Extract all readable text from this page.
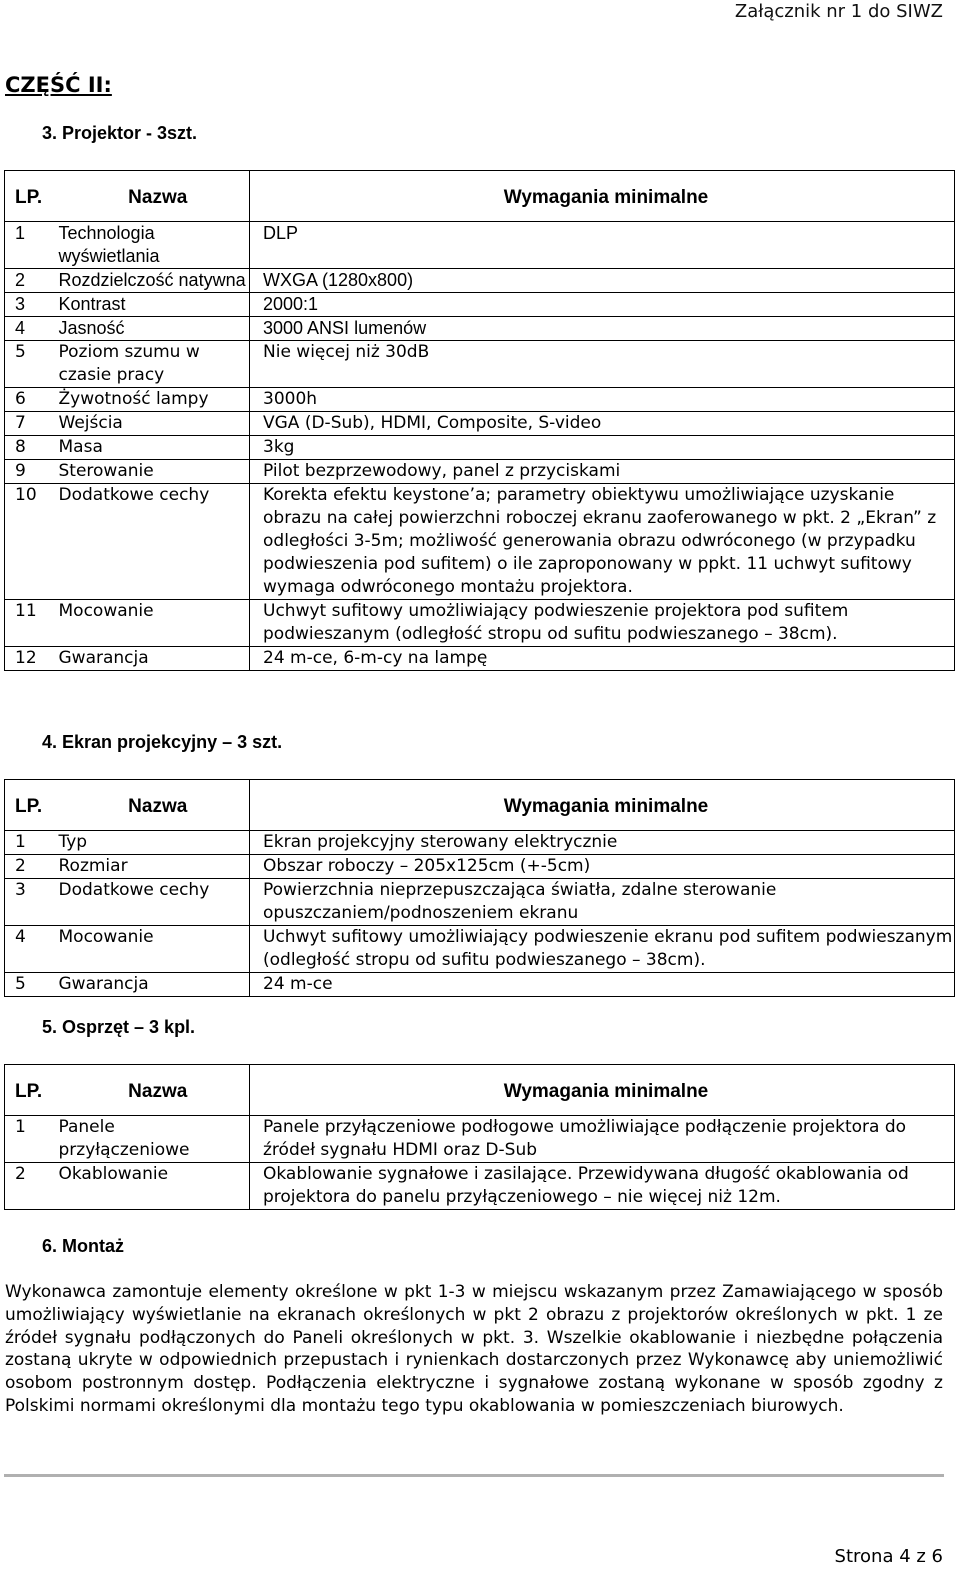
Załącznik nr 1 do SIWZ
CZĘŚĆ II:
3. Projektor - 3szt.
LP.	Nazwa	Wymagania minimalne
1	Technologia wyświetlania	DLP
2	Rozdzielczość natywna	WXGA (1280x800)
3	Kontrast	2000:1
4	Jasność	3000 ANSI lumenów
5	Poziom szumu w czasie pracy	Nie więcej niż 30dB
6	Żywotność lampy	3000h
7	Wejścia	VGA (D-Sub), HDMI, Composite, S-video
8	Masa	3kg
9	Sterowanie	Pilot bezprzewodowy, panel z przyciskami
10	Dodatkowe cechy	Korekta efektu keystone’a; parametry obiektywu umożliwiające uzyskanie obrazu na całej powierzchni roboczej ekranu zaoferowanego w pkt. 2 „Ekran” z odległości 3-5m; możliwość generowania obrazu odwróconego (w przypadku podwieszenia pod sufitem) o ile zaproponowany w ppkt. 11 uchwyt sufitowy wymaga odwróconego montażu projektora.
11	Mocowanie	Uchwyt sufitowy umożliwiający podwieszenie projektora pod sufitem podwieszanym (odległość stropu od sufitu podwieszanego – 38cm).
12	Gwarancja	24 m-ce, 6-m-cy na lampę
4. Ekran projekcyjny – 3 szt.
LP.	Nazwa	Wymagania minimalne
1	Typ	Ekran projekcyjny sterowany elektrycznie
2	Rozmiar	Obszar roboczy – 205x125cm (+-5cm)
3	Dodatkowe cechy	Powierzchnia nieprzepuszczająca światła, zdalne sterowanie opuszczaniem/podnoszeniem ekranu
4	Mocowanie	Uchwyt sufitowy umożliwiający podwieszenie ekranu pod sufitem podwieszanym (odległość stropu od sufitu podwieszanego – 38cm).
5	Gwarancja	24 m-ce
5. Osprzęt – 3 kpl.
LP.	Nazwa	Wymagania minimalne
1	Panele przyłączeniowe	Panele przyłączeniowe podłogowe umożliwiające podłączenie projektora do źródeł sygnału HDMI oraz D-Sub
2	Okablowanie	Okablowanie sygnałowe i zasilające. Przewidywana długość okablowania od projektora do panelu przyłączeniowego – nie więcej niż 12m.
6. Montaż
Wykonawca zamontuje elementy określone w pkt 1-3 w miejscu wskazanym przez Zamawiającego w sposób umożliwiający wyświetlanie na ekranach określonych w pkt 2 obrazu z projektorów określonych w pkt. 1 ze źródeł sygnału podłączonych do Paneli określonych w pkt. 3. Wszelkie okablowanie i niezbędne połączenia zostaną ukryte w odpowiednich przepustach i rynienkach dostarczonych przez Wykonawcę aby uniemożliwić osobom postronnym dostęp. Podłączenia elektryczne i sygnałowe zostaną wykonane w sposób zgodny z Polskimi normami określonymi dla montażu tego typu okablowania w pomieszczeniach biurowych.
Strona 4 z 6
